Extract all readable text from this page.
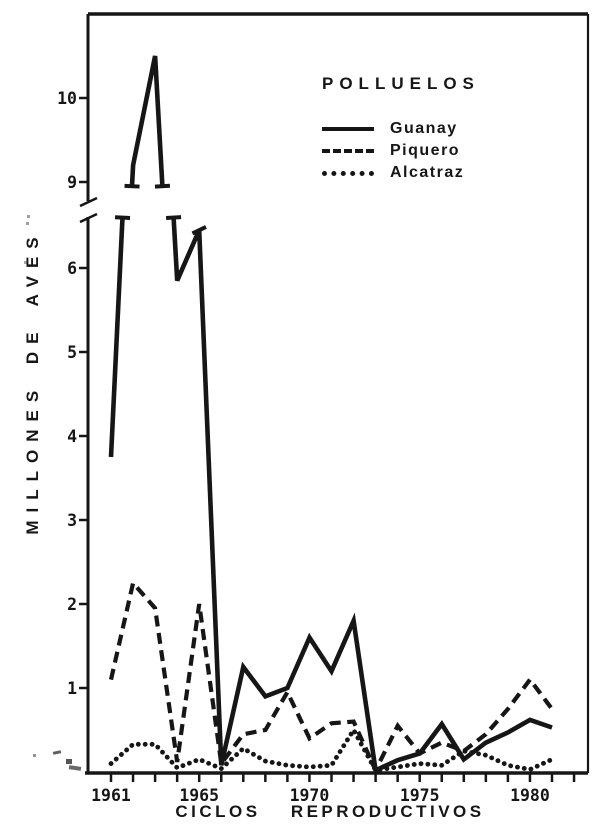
1
2
3
4
5
6
9
10
1961	1965	1970	1975	1980
POLLUELOS
Guanay
Piquero
Alcatraz
MILLONES DE AVES
CICLOS REPRODUCTIVOS
